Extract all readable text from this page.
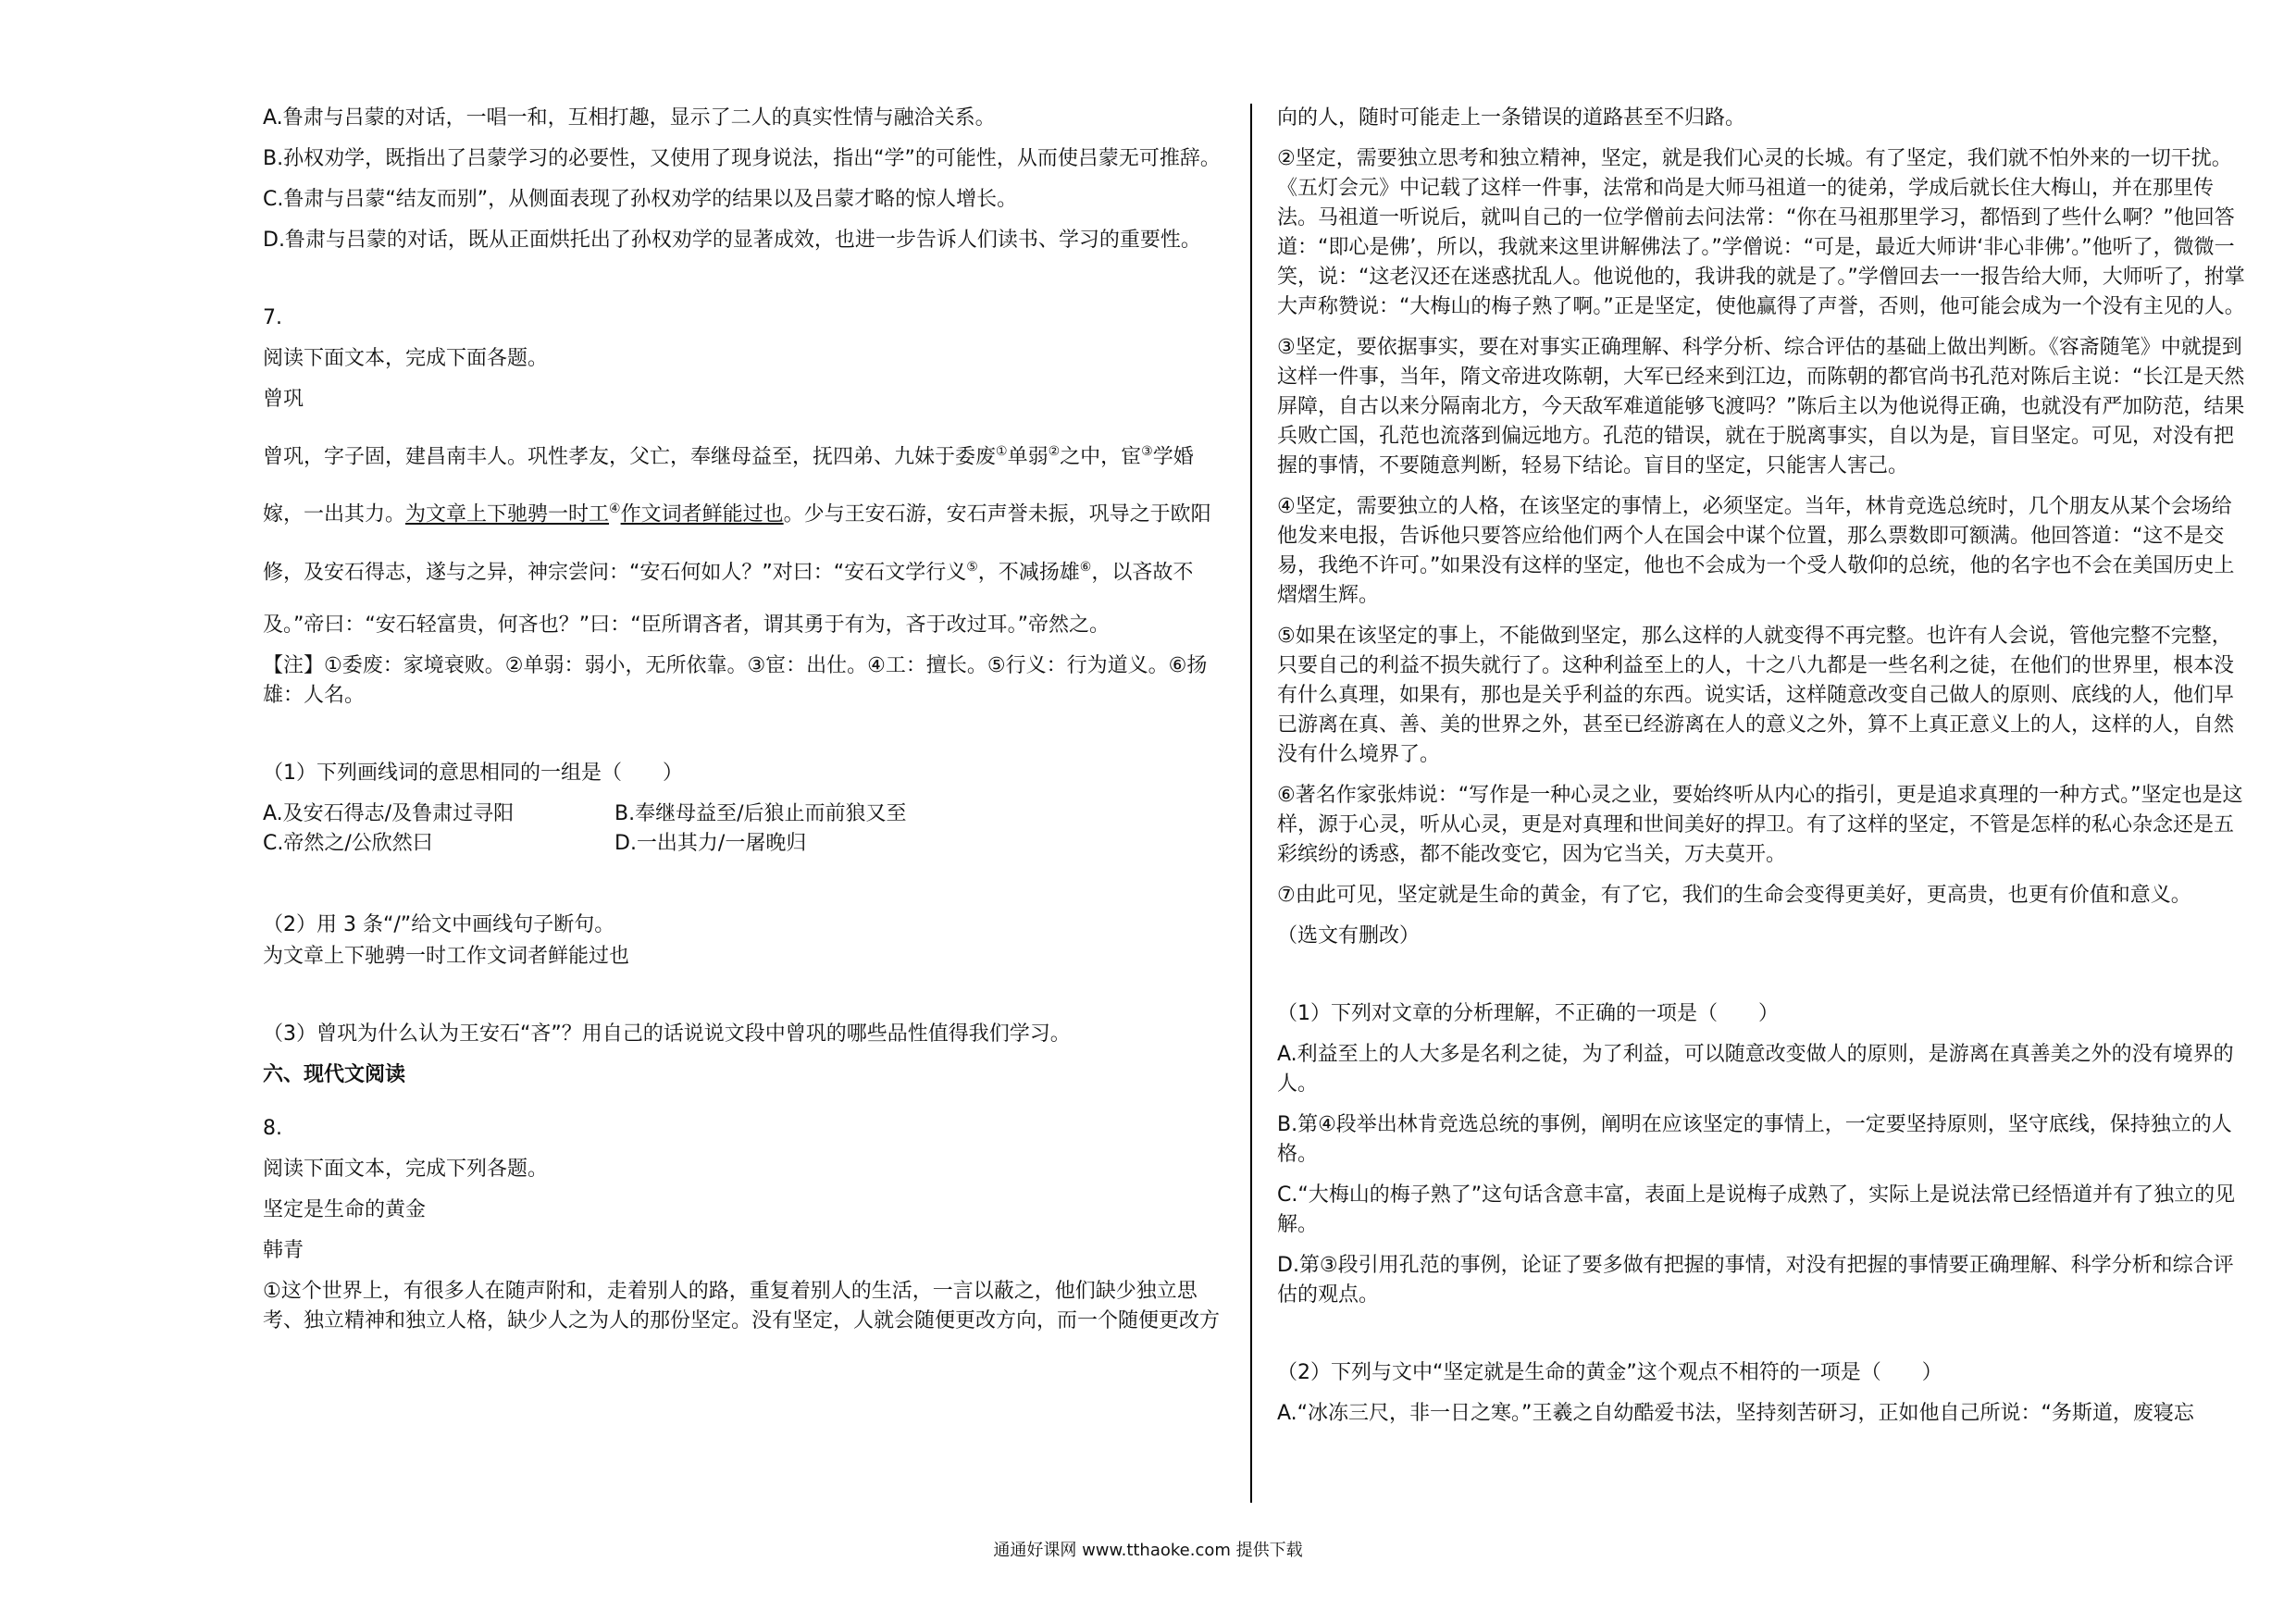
A.鲁肃与吕蒙的对话，一唱一和，互相打趣，显示了二人的真实性情与融洽关系。

B.孙权劝学，既指出了吕蒙学习的必要性，又使用了现身说法，指出“学”的可能性，从而使吕蒙无可推辞。

C.鲁肃与吕蒙“结友而别”，从侧面表现了孙权劝学的结果以及吕蒙才略的惊人增长。

D.鲁肃与吕蒙的对话，既从正面烘托出了孙权劝学的显著成效，也进一步告诉人们读书、学习的重要性。

7.

阅读下面文本，完成下面各题。

曾巩

曾巩，字子固，建昌南丰人。巩性孝友，父亡，奉继母益至，抚四弟、九妹于委废①单弱②之中，宦③学婚

嫁，一出其力。为文章上下驰骋一时工④作文词者鲜能过也。少与王安石游，安石声誉未振，巩导之于欧阳

修，及安石得志，遂与之异，神宗尝问：“安石何如人？”对曰：“安石文学行义⑤，不减扬雄⑥，以吝故不

及。”帝曰：“安石轻富贵，何吝也？”曰：“臣所谓吝者，谓其勇于有为，吝于改过耳。”帝然之。

【注】①委废：家境衰败。②单弱：弱小，无所依靠。③宦：出仕。④工：擅长。⑤行义：行为道义。⑥扬雄：人名。

（1）下列画线词的意思相同的一组是（　　）

A.及安石得志/及鲁肃过寻阳	B.奉继母益至/后狼止而前狼又至
C.帝然之/公欣然曰	D.一出其力/一屠晚归

（2）用 3 条“/”给文中画线句子断句。

为文章上下驰骋一时工作文词者鲜能过也

（3）曾巩为什么认为王安石“吝”？用自己的话说说文段中曾巩的哪些品性值得我们学习。

六、现代文阅读

8.

阅读下面文本，完成下列各题。

坚定是生命的黄金

韩青

①这个世界上，有很多人在随声附和，走着别人的路，重复着别人的生活，一言以蔽之，他们缺少独立思考、独立精神和独立人格，缺少人之为人的那份坚定。没有坚定，人就会随便更改方向，而一个随便更改方

向的人，随时可能走上一条错误的道路甚至不归路。

②坚定，需要独立思考和独立精神，坚定，就是我们心灵的长城。有了坚定，我们就不怕外来的一切干扰。《五灯会元》中记载了这样一件事，法常和尚是大师马祖道一的徒弟，学成后就长住大梅山，并在那里传法。马祖道一听说后，就叫自己的一位学僧前去问法常：“你在马祖那里学习，都悟到了些什么啊？”他回答道：“即心是佛’，所以，我就来这里讲解佛法了。”学僧说：“可是，最近大师讲‘非心非佛’。”他听了，微微一笑，说：“这老汉还在迷惑扰乱人。他说他的，我讲我的就是了。”学僧回去一一报告给大师，大师听了，拊掌大声称赞说：“大梅山的梅子熟了啊。”正是坚定，使他赢得了声誉，否则，他可能会成为一个没有主见的人。

③坚定，要依据事实，要在对事实正确理解、科学分析、综合评估的基础上做出判断。《容斋随笔》中就提到这样一件事，当年，隋文帝进攻陈朝，大军已经来到江边，而陈朝的都官尚书孔范对陈后主说：“长江是天然屏障，自古以来分隔南北方，今天敌军难道能够飞渡吗？”陈后主以为他说得正确，也就没有严加防范，结果兵败亡国，孔范也流落到偏远地方。孔范的错误，就在于脱离事实，自以为是，盲目坚定。可见，对没有把握的事情，不要随意判断，轻易下结论。盲目的坚定，只能害人害己。

④坚定，需要独立的人格，在该坚定的事情上，必须坚定。当年，林肯竞选总统时，几个朋友从某个会场给他发来电报，告诉他只要答应给他们两个人在国会中谋个位置，那么票数即可额满。他回答道：“这不是交易，我绝不许可。”如果没有这样的坚定，他也不会成为一个受人敬仰的总统，他的名字也不会在美国历史上熠熠生辉。

⑤如果在该坚定的事上，不能做到坚定，那么这样的人就变得不再完整。也许有人会说，管他完整不完整，只要自己的利益不损失就行了。这种利益至上的人，十之八九都是一些名利之徒，在他们的世界里，根本没有什么真理，如果有，那也是关乎利益的东西。说实话，这样随意改变自己做人的原则、底线的人，他们早已游离在真、善、美的世界之外，甚至已经游离在人的意义之外，算不上真正意义上的人，这样的人，自然没有什么境界了。

⑥著名作家张炜说：“写作是一种心灵之业，要始终听从内心的指引，更是追求真理的一种方式。”坚定也是这样，源于心灵，听从心灵，更是对真理和世间美好的捍卫。有了这样的坚定，不管是怎样的私心杂念还是五彩缤纷的诱惑，都不能改变它，因为它当关，万夫莫开。

⑦由此可见，坚定就是生命的黄金，有了它，我们的生命会变得更美好，更高贵，也更有价值和意义。

（选文有删改）

（1）下列对文章的分析理解，不正确的一项是（　　）

A.利益至上的人大多是名利之徒，为了利益，可以随意改变做人的原则，是游离在真善美之外的没有境界的人。

B.第④段举出林肯竞选总统的事例，阐明在应该坚定的事情上，一定要坚持原则，坚守底线，保持独立的人格。

C.“大梅山的梅子熟了”这句话含意丰富，表面上是说梅子成熟了，实际上是说法常已经悟道并有了独立的见解。

D.第③段引用孔范的事例，论证了要多做有把握的事情，对没有把握的事情要正确理解、科学分析和综合评估的观点。

（2）下列与文中“坚定就是生命的黄金”这个观点不相符的一项是（　　）

A.“冰冻三尺，非一日之寒。”王羲之自幼酷爱书法，坚持刻苦研习，正如他自己所说：“务斯道，废寝忘

通通好课网 www.tthaoke.com 提供下载
